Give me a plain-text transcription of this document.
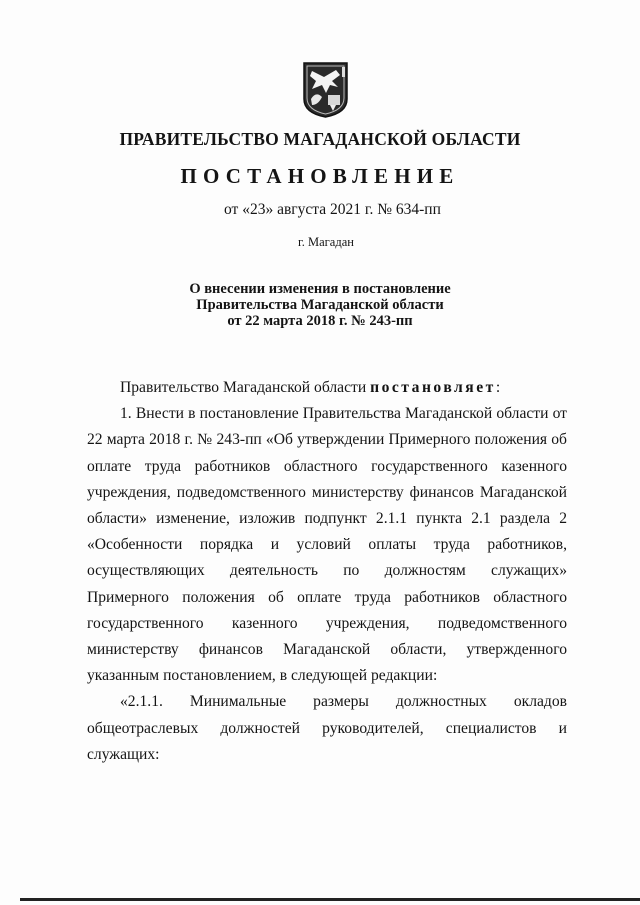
ПРАВИТЕЛЬСТВО МАГАДАНСКОЙ ОБЛАСТИ
ПОСТАНОВЛЕНИЕ
от «23» августа 2021 г. № 634-пп
г. Магадан
О внесении изменения в постановление
Правительства Магаданской области
от 22 марта 2018 г. № 243-пп
Правительство Магаданской области постановляет:
1. Внести в постановление Правительства Магаданской области от 22 марта 2018 г. № 243-пп «Об утверждении Примерного положения об оплате труда работников областного государственного казенного учреждения, подведомственного министерству финансов Магаданской области» изменение, изложив подпункт 2.1.1 пункта 2.1 раздела 2 «Особенности порядка и условий оплаты труда работников, осуществляющих деятельность по должностям служащих» Примерного положения об оплате труда работников областного государственного казенного учреждения, подведомственного министерству финансов Магаданской области, утвержденного указанным постановлением, в следующей редакции:
«2.1.1. Минимальные размеры должностных окладов общеотраслевых должностей руководителей, специалистов и служащих:
